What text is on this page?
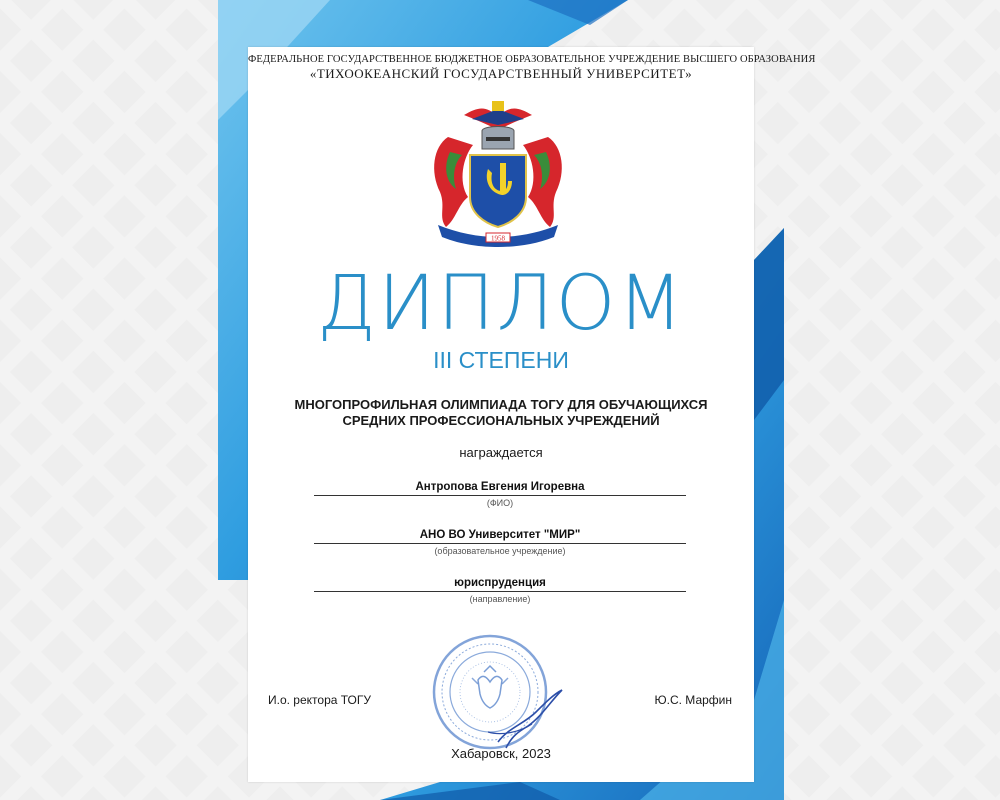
ФЕДЕРАЛЬНОЕ ГОСУДАРСТВЕННОЕ БЮДЖЕТНОЕ ОБРАЗОВАТЕЛЬНОЕ УЧРЕЖДЕНИЕ ВЫСШЕГО ОБРАЗОВАНИЯ
«ТИХООКЕАНСКИЙ ГОСУДАРСТВЕННЫЙ УНИВЕРСИТЕТ»
1958
ДИПЛОМ
III СТЕПЕНИ
МНОГОПРОФИЛЬНАЯ ОЛИМПИАДА ТОГУ ДЛЯ ОБУЧАЮЩИХСЯ
СРЕДНИХ ПРОФЕССИОНАЛЬНЫХ УЧРЕЖДЕНИЙ
награждается
Антропова Евгения Игоревна
(ФИО)
АНО ВО Университет "МИР"
(образовательное учреждение)
юриспруденция
(направление)
И.о. ректора ТОГУ	Ю.С. Марфин
Хабаровск, 2023
